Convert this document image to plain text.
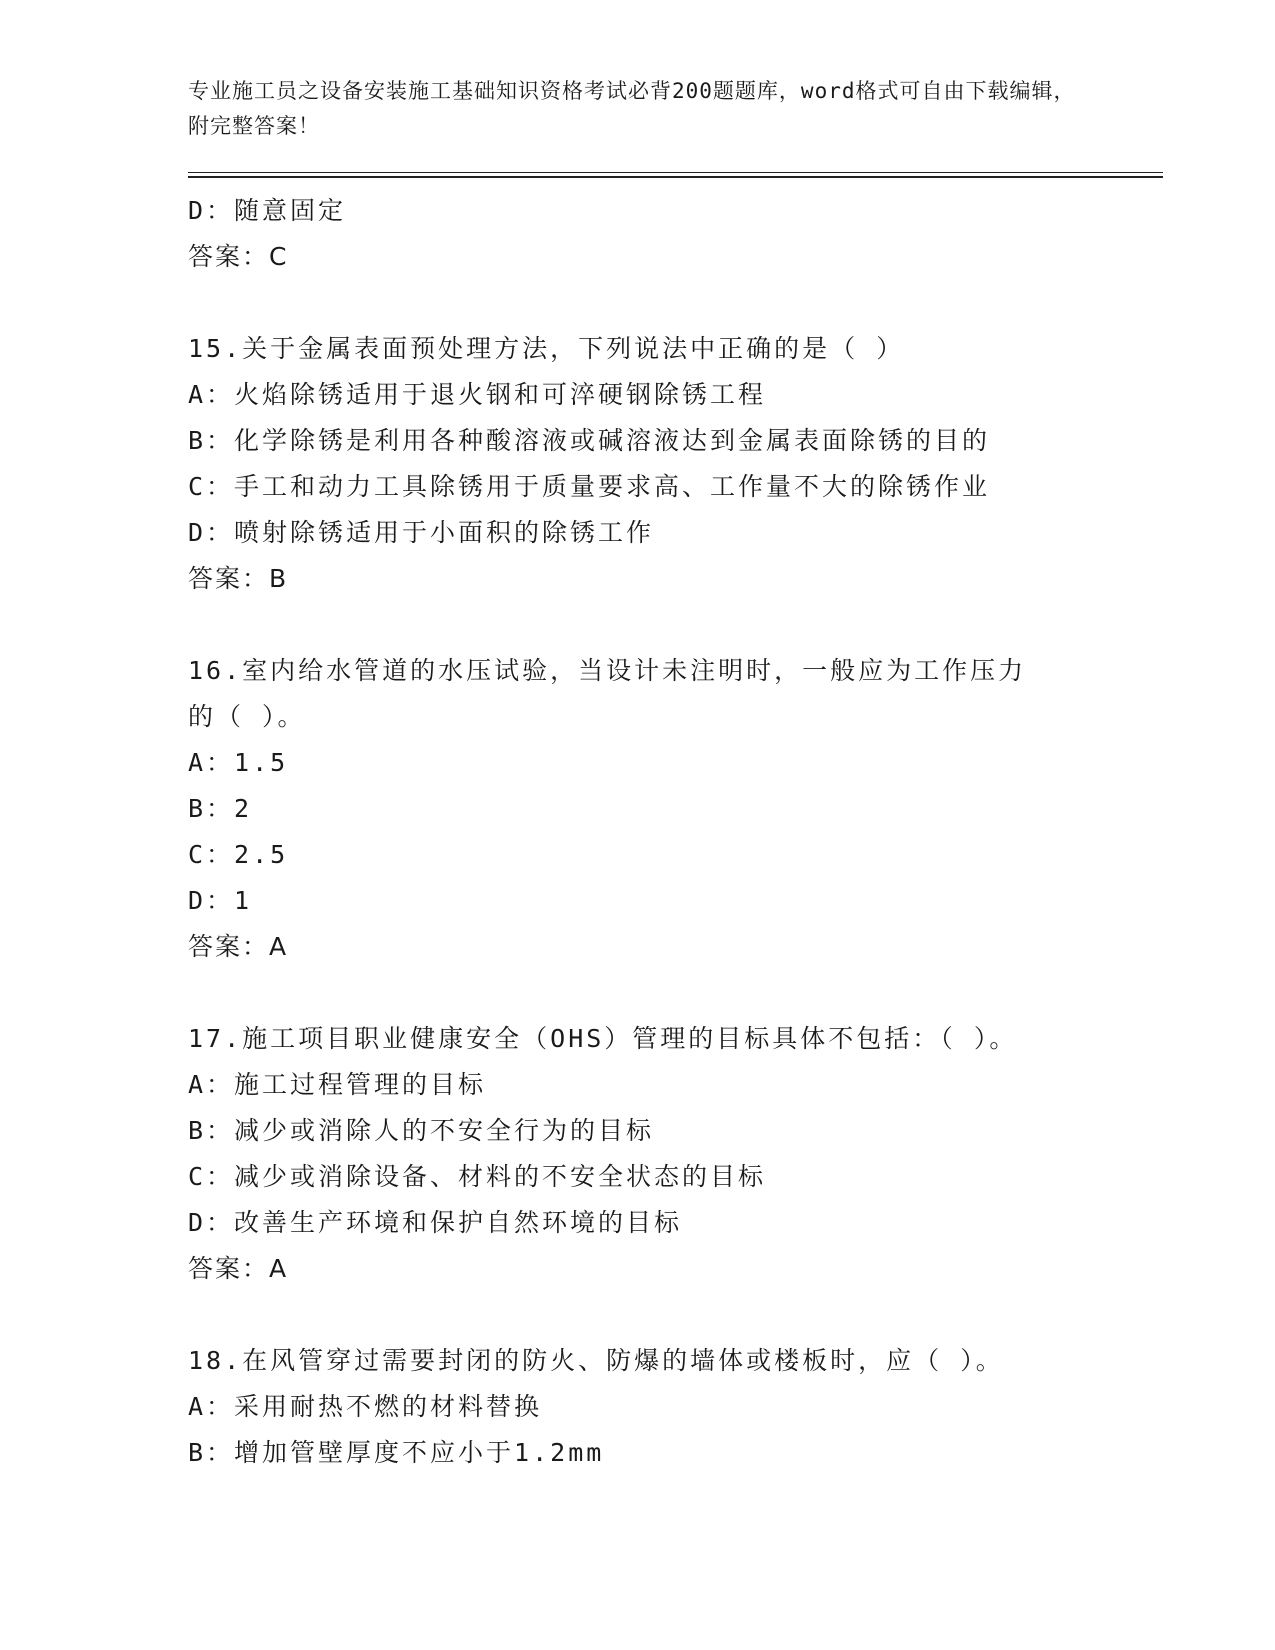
专业施工员之设备安装施工基础知识资格考试必背200题题库，word格式可自由下载编辑，附完整答案！
D：随意固定
答案：C
15.关于金属表面预处理方法，下列说法中正确的是（ ）
A：火焰除锈适用于退火钢和可淬硬钢除锈工程
B：化学除锈是利用各种酸溶液或碱溶液达到金属表面除锈的目的
C：手工和动力工具除锈用于质量要求高、工作量不大的除锈作业
D：喷射除锈适用于小面积的除锈工作
答案：B
16.室内给水管道的水压试验，当设计未注明时，一般应为工作压力的（ ）。
A：1.5
B：2
C：2.5
D：1
答案：A
17.施工项目职业健康安全（OHS）管理的目标具体不包括：（ ）。
A：施工过程管理的目标
B：减少或消除人的不安全行为的目标
C：减少或消除设备、材料的不安全状态的目标
D：改善生产环境和保护自然环境的目标
答案：A
18.在风管穿过需要封闭的防火、防爆的墙体或楼板时，应（ ）。
A：采用耐热不燃的材料替换
B：增加管壁厚度不应小于1.2mm
